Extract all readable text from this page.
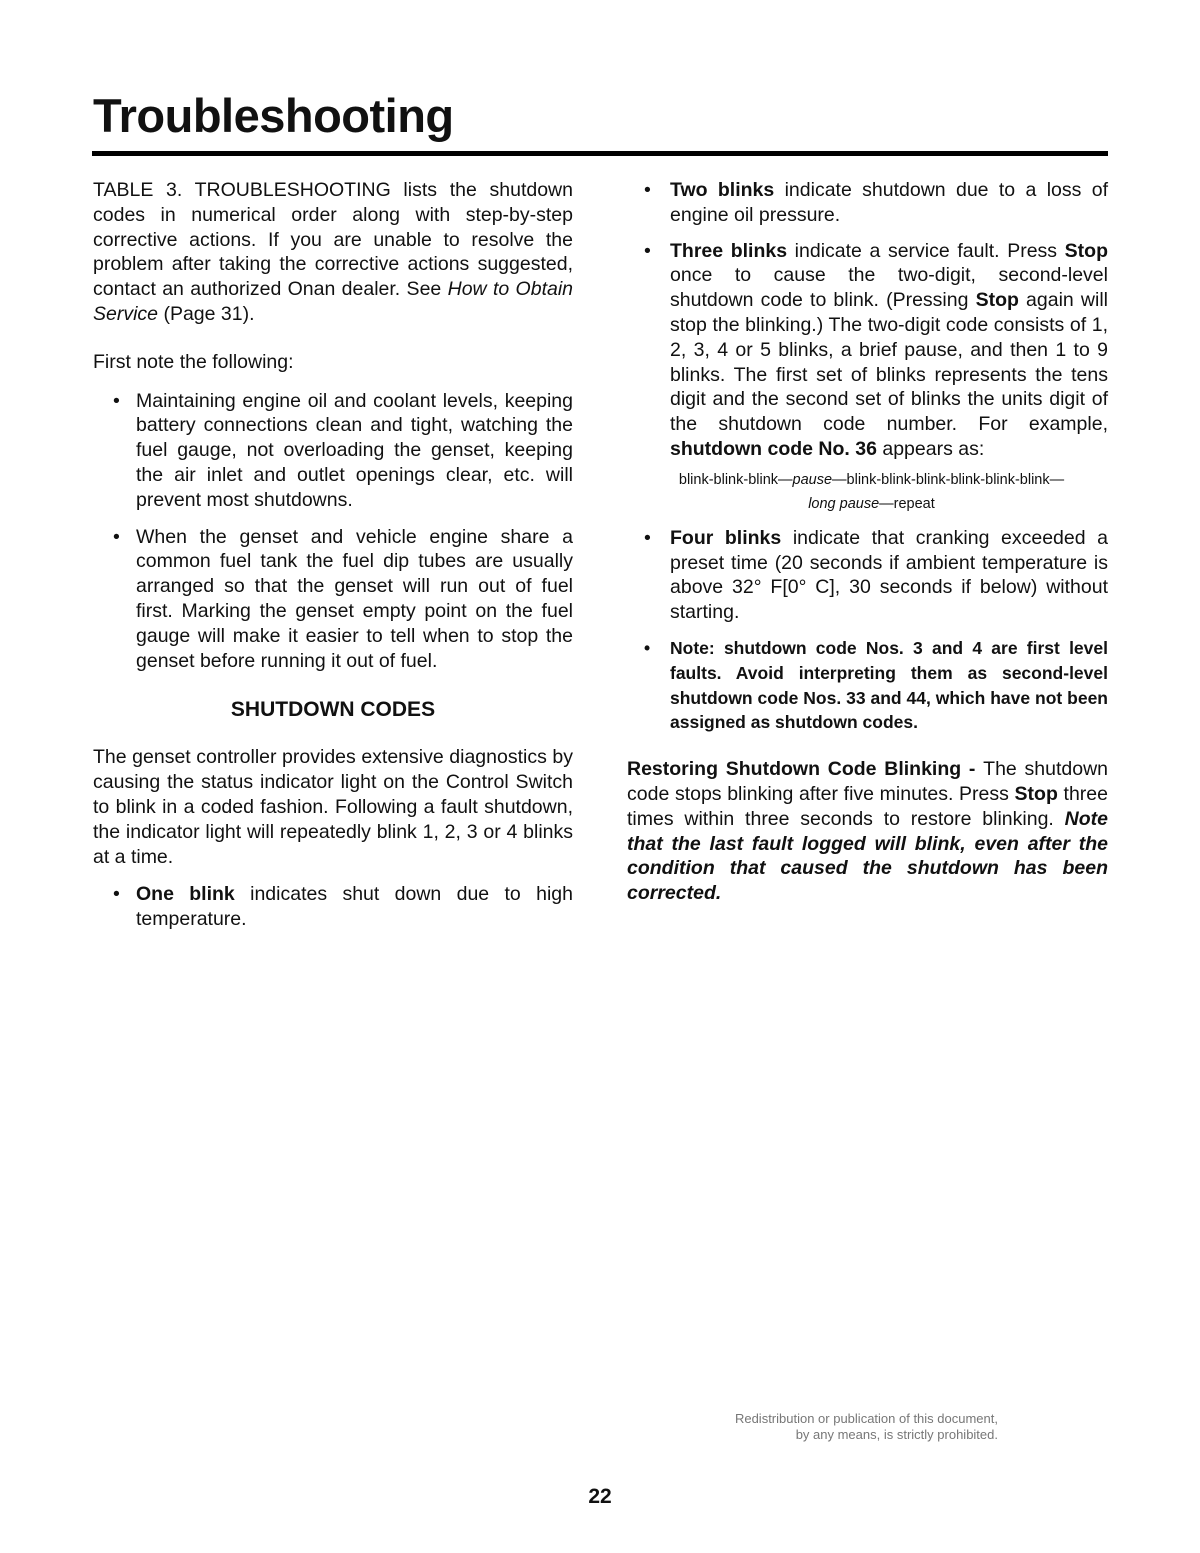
Troubleshooting

TABLE 3. TROUBLESHOOTING lists the shutdown codes in numerical order along with step-by-step corrective actions. If you are unable to resolve the problem after taking the corrective actions suggested, contact an authorized Onan dealer. See How to Obtain Service (Page 31).

First note the following:

• Maintaining engine oil and coolant levels, keeping battery connections clean and tight, watching the fuel gauge, not overloading the genset, keeping the air inlet and outlet openings clear, etc. will prevent most shutdowns.
• When the genset and vehicle engine share a common fuel tank the fuel dip tubes are usually arranged so that the genset will run out of fuel first. Marking the genset empty point on the fuel gauge will make it easier to tell when to stop the genset before running it out of fuel.
SHUTDOWN CODES

The genset controller provides extensive diagnostics by causing the status indicator light on the Control Switch to blink in a coded fashion. Following a fault shutdown, the indicator light will repeatedly blink 1, 2, 3 or 4 blinks at a time.

• One blink indicates shut down due to high temperature.
• Two blinks indicate shutdown due to a loss of engine oil pressure.
• Three blinks indicate a service fault. Press Stop once to cause the two-digit, second-level shutdown code to blink. (Pressing Stop again will stop the blinking.) The two-digit code consists of 1, 2, 3, 4 or 5 blinks, a brief pause, and then 1 to 9 blinks. The first set of blinks represents the tens digit and the second set of blinks the units digit of the shutdown code number. For example, shutdown code No. 36 appears as:
blink-blink-blink—pause—blink-blink-blink-blink-blink-blink—
long pause—repeat
• Four blinks indicate that cranking exceeded a preset time (20 seconds if ambient temperature is above 32° F[0° C], 30 seconds if below) without starting.
• Note: shutdown code Nos. 3 and 4 are first level faults. Avoid interpreting them as second-level shutdown code Nos. 33 and 44, which have not been assigned as shutdown codes.

Restoring Shutdown Code Blinking - The shutdown code stops blinking after five minutes. Press Stop three times within three seconds to restore blinking. Note that the last fault logged will blink, even after the condition that caused the shutdown has been corrected.

Redistribution or publication of this document,
by any means, is strictly prohibited.
22
